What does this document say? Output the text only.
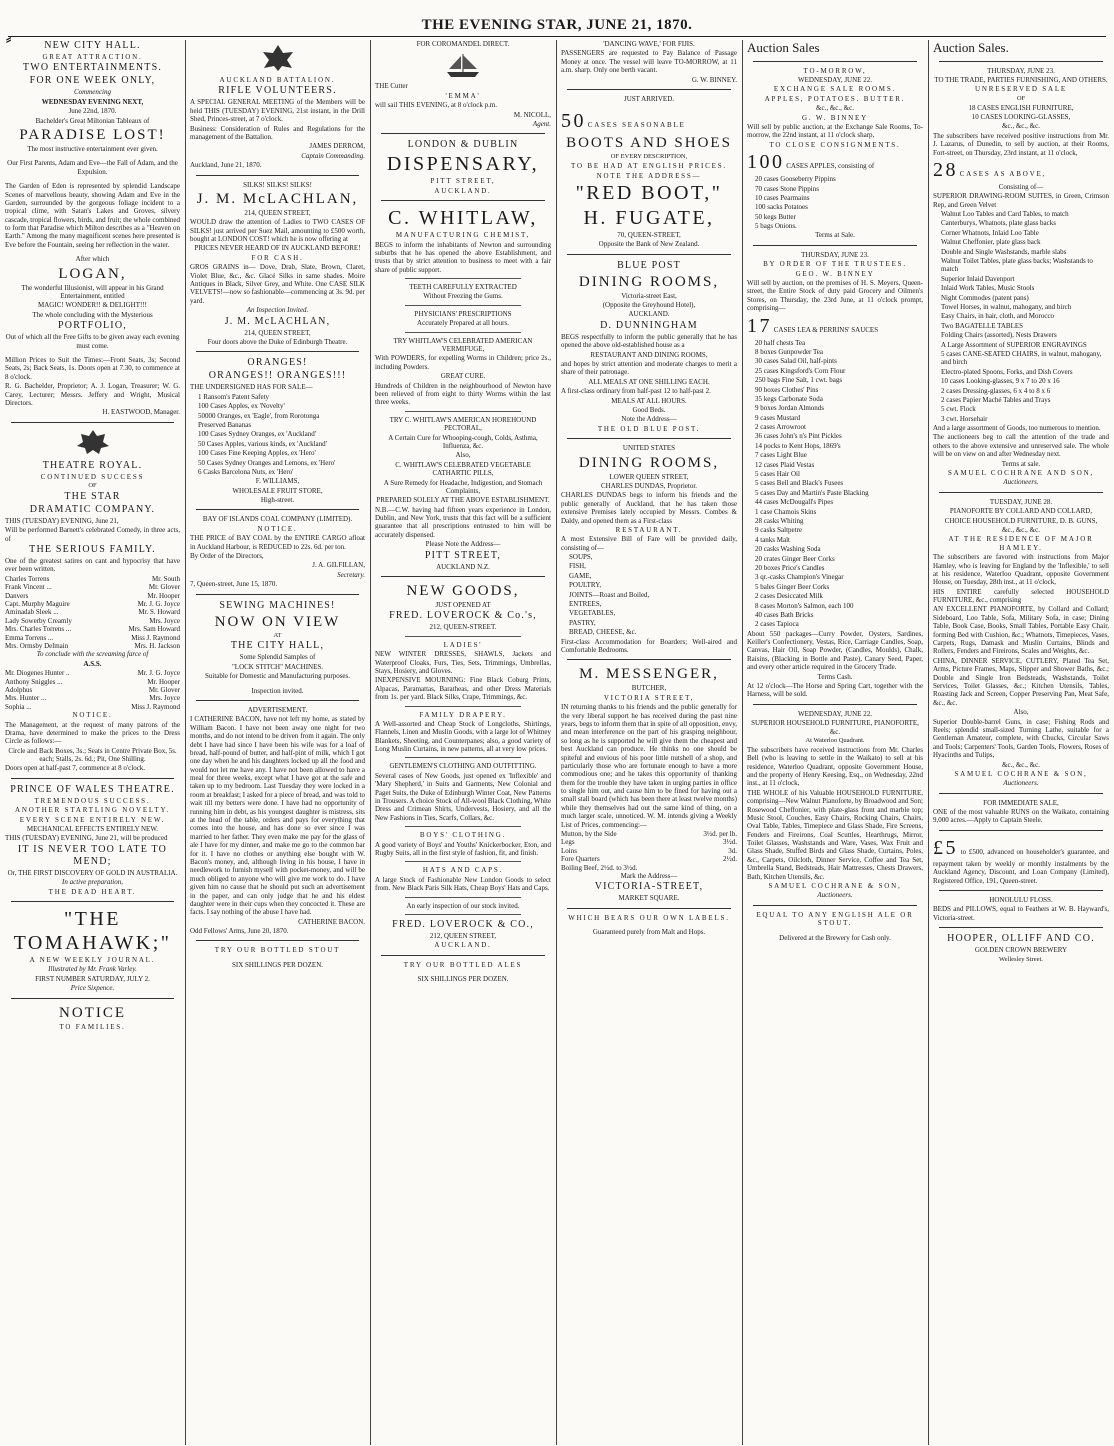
⸗
THE EVENING STAR, JUNE 21, 1870.

NEW CITY HALL.

GREAT ATTRACTION.

TWO ENTERTAINMENTS.

FOR ONE WEEK ONLY,

Commencing

WEDNESDAY EVENING NEXT,

June 22nd, 1870.

Bachelder's Great Miltonian Tableaux of

PARADISE LOST!

The most instructive entertainment ever given.

Our First Parents, Adam and Eve—the Fall of Adam, and the Expulsion.

The Garden of Eden is represented by splendid Landscape Scenes of marvellous beauty, showing Adam and Eve in the Garden, surrounded by the gorgeous foliage incident to a tropical clime, with Satan's Lakes and Groves, silvery cascade, tropical flowers, birds, and fruit; the whole combined to form that Paradise which Milton describes as a "Heaven on Earth." Among the many magnificent scenes here presented is Eve before the Fountain, seeing her reflection in the water.

After which

LOGAN,

The wonderful Illusionist, will appear in his Grand Entertainment, entitled

MAGIC! WONDER!! & DELIGHT!!!

The whole concluding with the Mysterious

PORTFOLIO,

Out of which all the Free Gifts to be given away each evening must come.

Million Prices to Suit the Times:—Front Seats, 3s; Second Seats, 2s; Back Seats, 1s. Doors open at 7.30, to commence at 8 o'clock.

R. G. Bachelder, Proprietor; A. J. Logan, Treasurer; W. G. Carey, Lecturer; Messrs. Jeffery and Wright, Musical Directors.

H. EASTWOOD, Manager.

THEATRE ROYAL.

CONTINUED SUCCESS

OF

THE STAR

DRAMATIC COMPANY.

THIS (TUESDAY) EVENING, June 21,

Will be performed Barnett's celebrated Comedy, in three acts, of

THE SERIOUS FAMILY.

One of the greatest satires on cant and hypocrisy that have ever been written.

Charles Torrens	Mr. South
Frank Vincent ...	Mr. Glover
Danvers	Mr. Hooper
Capt. Murphy Maguire	Mr. J. G. Joyce
Aminadab Sleek ...	Mr. S. Howard
Lady Sowerby Creamly	Mrs. Joyce
Mrs. Charles Torrens ...	Mrs. Sam Howard
Emma Torrens ...	Miss J. Raymond
Mrs. Ormsby Delmain	Mrs. H. Jackson

To conclude with the screaming farce of

A.S.S.

Mr. Diogenes Hunter ..	Mr. J. G. Joyce
Anthony Sniggles ...	Mr. Hooper
Adolphus	Mr. Glover
Mrs. Hunter ...	Mrs. Joyce
Sophia ...	Miss J. Raymond

NOTICE.

The Management, at the request of many patrons of the Drama, have determined to make the prices to the Dress Circle as follows:—

Circle and Back Boxes, 3s.; Seats in Centre Private Box, 5s. each; Stalls, 2s. 6d.; Pit, One Shilling.

Doors open at half-past 7, commence at 8 o'clock.

PRINCE OF WALES THEATRE.

TREMENDOUS SUCCESS.

ANOTHER STARTLING NOVELTY.

EVERY SCENE ENTIRELY NEW.

MECHANICAL EFFECTS ENTIRELY NEW.

THIS (TUESDAY) EVENING, June 21, will be produced

IT IS NEVER TOO LATE TO MEND;

Or, THE FIRST DISCOVERY OF GOLD IN AUSTRALIA.

In active preparation,

THE DEAD HEART.

"THE TOMAHAWK;"

A NEW WEEKLY JOURNAL.

Illustrated by Mr. Frank Varley.

FIRST NUMBER SATURDAY, JULY 2.

Price Sixpence.

NOTICE

TO FAMILIES.

AUCKLAND BATTALION.

RIFLE VOLUNTEERS.

A SPECIAL GENERAL MEETING of the Members will be held THIS (TUESDAY) EVENING, 21st instant, in the Drill Shed, Princes-street, at 7 o'clock.

Business: Consideration of Rules and Regulations for the management of the Battalion.

JAMES DERROM,

Captain Commanding.

Auckland, June 21, 1870.

SILKS! SILKS! SILKS!

J. M. McLACHLAN,

214, QUEEN STREET,

WOULD draw the attention of Ladies to TWO CASES OF SILKS! just arrived per Suez Mail, amounting to £500 worth, bought at LONDON COST! which he is now offering at

PRICES NEVER HEARD OF IN AUCKLAND BEFORE!

FOR CASH.

GROS GRAINS in— Dove, Drab, Slate, Brown, Claret, Violet Blue, &c., &c. Glacé Silks in same shades. Moire Antiques in Black, Silver Grey, and White. One CASE SILK VELVETS!—now so fashionable—commencing at 3s. 9d. per yard.

An Inspection Invited.

J. M. McLACHLAN,

214, QUEEN STREET,

Four doors above the Duke of Edinburgh Theatre.

ORANGES!

ORANGES!! ORANGES!!!

THE UNDERSIGNED HAS FOR SALE—

1 Ransom's Patent Safety

100 Cases Apples, ex 'Novelty'

50000 Oranges, ex 'Eagle', from Rorotonga

Preserved Bananas

100 Cases Sydney Oranges, ex 'Auckland'

50 Cases Apples, various kinds, ex 'Auckland'

100 Cases Fine Keeping Apples, ex 'Hero'

50 Cases Sydney Oranges and Lemons, ex 'Hero'

6 Casks Barcelona Nuts, ex 'Hero'

F. WILLIAMS,

WHOLESALE FRUIT STORE,

High-street.

BAY OF ISLANDS COAL COMPANY (LIMITED).

NOTICE.

THE PRICE of BAY COAL by the ENTIRE CARGO afloat in Auckland Harbour, is REDUCED to 22s. 6d. per ton.

By Order of the Directors,

J. A. GILFILLAN,

Secretary.

7, Queen-street, June 15, 1870.

SEWING MACHINES!

NOW ON VIEW

AT

THE CITY HALL,

Some Splendid Samples of

"LOCK STITCH" MACHINES.

Suitable for Domestic and Manufacturing purposes.

Inspection invited.

ADVERTISEMENT.

I CATHERINE BACON, have not left my home, as stated by William Bacon. I have not been away one night for two months, and do not intend to be driven from it again. The only debt I have had since I have been his wife was for a loaf of bread, half-pound of butter, and half-pint of milk, which I got one day when he and his daughters locked up all the food and would not let me have any. I have not been allowed to have a meal for three weeks, except what I have got at the safe and taken up to my bedroom. Last Tuesday they were locked in a room at breakfast; I asked for a piece of bread, and was told to wait till my betters were done. I have had no opportunity of running him in debt, as his youngest daughter is mistress, sits at the head of the table, orders and pays for everything that comes into the house, and has done so ever since I was married to her father. They even make me pay for the glass of ale I have for my dinner, and make me go to the common bar for it. I have no clothes or anything else bought with W. Bacon's money, and, although living in his house, I have in needlework to furnish myself with pocket-money, and will be much obliged to anyone who will give me work to do. I have given him no cause that he should put such an advertisement in the paper, and can only judge that he and his eldest daughter were in their cups when they concocted it. These are facts. I say nothing of the abuse I have had.

CATHERINE BACON.

Odd Fellows' Arms, June 20, 1870.

TRY OUR BOTTLED STOUT

SIX SHILLINGS PER DOZEN.

FOR COROMANDEL DIRECT.

THE Cutter

'EMMA'

will sail THIS EVENING, at 8 o'clock p.m.

M. NICOLL,

Agent.

LONDON & DUBLIN

DISPENSARY,

PITT STREET,

AUCKLAND.

C. WHITLAW,

MANUFACTURING CHEMIST,

BEGS to inform the inhabitants of Newton and surrounding suburbs that he has opened the above Establishment, and trusts that by strict attention to business to meet with a fair share of public support.

TEETH CAREFULLY EXTRACTED

Without Freezing the Gums.

PHYSICIANS' PRESCRIPTIONS

Accurately Prepared at all hours.

TRY WHITLAW'S CELEBRATED AMERICAN VERMIFUGE,

With POWDERS, for expelling Worms in Children; price 2s., including Powders.

GREAT CURE.

Hundreds of Children in the neighbourhood of Newton have been relieved of from eight to thirty Worms within the last three weeks.

TRY C. WHITLAW'S AMERICAN HOREHOUND PECTORAL,

A Certain Cure for Whooping-cough, Colds, Asthma, Influenza, &c.

Also,

C. WHITLAW'S CELEBRATED VEGETABLE CATHARTIC PILLS,

A Sure Remedy for Headache, Indigestion, and Stomach Complaints,

PREPARED SOLELY AT THE ABOVE ESTABLISHMENT.

N.B.—C.W. having had fifteen years experience in London, Dublin, and New York, trusts that this fact will be a sufficient guarantee that all prescriptions entrusted to him will be accurately dispensed.

Please Note the Address—

PITT STREET,

AUCKLAND N.Z.

NEW GOODS,

JUST OPENED AT

FRED. LOVEROCK & Co.'s,

212, QUEEN-STREET.

LADIES'

NEW WINTER DRESSES, SHAWLS, Jackets and Waterproof Cloaks, Furs, Ties, Sets, Trimmings, Umbrellas, Stays, Hosiery, and Gloves.

INEXPENSIVE MOURNING: Fine Black Coburg Prints, Alpacas, Paramattas, Baratheas, and other Dress Materials from 1s. per yard. Black Silks, Crape, Trimmings, &c.

FAMILY DRAPERY.

A Well-assorted and Cheap Stock of Longcloths, Shirtings, Flannels, Linen and Muslin Goods, with a large lot of Whitney Blankets, Sheeting, and Counterpanes; also, a good variety of Long Muslin Curtains, in new patterns, all at very low prices.

GENTLEMEN'S CLOTHING AND OUTFITTING.

Several cases of New Goods, just opened ex 'Inflexible' and 'Mary Shepherd,' in Suits and Garments, New Colonial and Paget Suits, the Duke of Edinburgh Winter Coat, New Patterns in Trousers. A choice Stock of All-wool Black Clothing, White Dress and Crimean Shirts, Undervests, Hosiery, and all the New Fashions in Ties, Scarfs, Collars, &c.

BOYS' CLOTHING.

A good variety of Boys' and Youths' Knickerbocker, Eton, and Rugby Suits, all in the first style of fashion, fit, and finish.

HATS AND CAPS.

A large Stock of Fashionable New London Goods to select from. New Black Paris Silk Hats, Cheap Boys' Hats and Caps.

An early inspection of our stock invited.

FRED. LOVEROCK & CO.,

212, QUEEN STREET,

AUCKLAND.

TRY OUR BOTTLED ALES

SIX SHILLINGS PER DOZEN.

'DANCING WAVE,' FOR FIJIS.

PASSENGERS are requested to Pay Balance of Passage Money at once. The vessel will leave TO-MORROW, at 11 a.m. sharp. Only one berth vacant.

G. W. BINNEY.

JUST ARRIVED.

50 CASES SEASONABLE

BOOTS AND SHOES

OF EVERY DESCRIPTION,

TO BE HAD AT ENGLISH PRICES.

NOTE THE ADDRESS—

"RED BOOT,"

H. FUGATE,

70, QUEEN-STREET,

Opposite the Bank of New Zealand.

BLUE POST

DINING ROOMS,

Victoria-street East,

(Opposite the Greyhound Hotel),

AUCKLAND.

D. DUNNINGHAM

BEGS respectfully to inform the public generally that he has opened the above old-established house as a

RESTAURANT AND DINING ROOMS,

and hopes by strict attention and moderate charges to merit a share of their patronage.

ALL MEALS AT ONE SHILLING EACH.

A first-class ordinary from half-past 12 to half-past 2.

MEALS AT ALL HOURS.

Good Beds.

Note the Address—

THE OLD BLUE POST.

UNITED STATES

DINING ROOMS,

LOWER QUEEN STREET,

CHARLES DUNDAS, Proprietor.

CHARLES DUNDAS begs to inform his friends and the public generally of Auckland, that he has taken those extensive Premises lately occupied by Messrs. Combes & Daldy, and opened them as a First-class

RESTAURANT.

A most Extensive Bill of Fare will be provided daily, consisting of—

SOUPS,

FISH,

GAME,

POULTRY,

JOINTS—Roast and Boiled,

ENTREES,

VEGETABLES,

PASTRY,

BREAD, CHEESE, &c.

First-class Accommodation for Boarders; Well-aired and Comfortable Bedrooms.

M. MESSENGER,

BUTCHER,

VICTORIA STREET,

IN returning thanks to his friends and the public generally for the very liberal support he has received during the past nine years, begs to inform them that in spite of all opposition, envy, and mean interference on the part of his grasping neighbour, so long as he is supported he will give them the cheapest and best Auckland can produce. He thinks no one should be spiteful and envious of his poor little nutshell of a shop, and particularly those who are fortunate enough to have a more commodious one; and he takes this opportunity of thanking them for the trouble they have taken in urging parties in office to single him out, and cause him to be fined for having out a small stall board (which has been there at least twelve months) while they themselves had out the same kind of thing, on a much larger scale, unnoticed. W. M. intends giving a Weekly List of Prices, commencing:—

Mutton, by the Side	3½d. per lb.
Legs	3½d.
Loins	3d.
Fore Quarters	2½d.
Boiling Beef, 2½d. to 3½d.

Mark the Address—

VICTORIA-STREET,

MARKET SQUARE.

WHICH BEARS OUR OWN LABELS.

Guaranteed purely from Malt and Hops.

Auction Sales

TO-MORROW,

WEDNESDAY, JUNE 22.

EXCHANGE SALE ROOMS.

APPLES, POTATOES. BUTTER.

&c., &c., &c.

G. W. BINNEY

Will sell by public auction, at the Exchange Sale Rooms, To-morrow, the 22nd instant, at 11 o'clock sharp,

TO CLOSE CONSIGNMENTS.

100 CASES APPLES, consisting of

20 cases Gooseberry Pippins

70 cases Stone Pippins

10 cases Pearmains

100 sacks Potatoes

50 kegs Butter

5 bags Onions.

Terms at Sale.

THURSDAY, JUNE 23.

BY ORDER OF THE TRUSTEES.

GEO. W. BINNEY

Will sell by auction, on the premises of H. S. Meyers, Queen-street, the Entire Stock of duty paid Grocery and Oilmen's Stores, on Thursday, the 23rd June, at 11 o'clock prompt, comprising—

17 CASES LEA & PERRINS' SAUCES

20 half chests Tea

8 boxes Gunpowder Tea

30 cases Salad Oil, half-pints

25 cases Kingsford's Corn Flour

250 bags Fine Salt, 1 cwt. bags

90 boxes Clothes' Pins

35 kegs Carbonate Soda

9 boxes Jordan Almonds

9 cases Mustard

2 cases Arrowroot

36 cases John's n's Pint Pickles

14 pocks to Kent Hops, 1869's

7 cases Light Blue

12 cases Plaid Vestas

5 cases Hair Oil

5 cases Bell and Black's Fusees

5 cases Day and Martin's Paste Blacking

44 cases McDougall's Pipes

1 case Chamois Skins

28 casks Whiting

9 casks Saltpetre

4 tanks Malt

20 casks Washing Soda

20 crates Ginger Beer Corks

20 boxes Price's Candles

3 qr.-casks Champion's Vinegar

5 bales Ginger Beer Corks

2 cases Desiccated Milk

8 cases Morton's Salmon, each 100

40 cases Bath Bricks

2 cases Tapioca

About 550 packages—Curry Powder, Oysters, Sardines, Keiller's Confectionery, Vestas, Rice, Carriage Candles, Soap, Canvas, Hair Oil, Soap Powder, (Candles, Moulds), Chalk, Raisins, (Blacking in Bottle and Paste), Canary Seed, Paper, and every other article required in the Grocery Trade.

Terms Cash.

At 12 o'clock—The Horse and Spring Cart, together with the Harness, will be sold.

WEDNESDAY, JUNE 22.

SUPERIOR HOUSEHOLD FURNITURE, PIANOFORTE, &c.

At Waterloo Quadrant.

The subscribers have received instructions from Mr. Charles Bell (who is leaving to settle in the Waikato) to sell at his residence, Waterloo Quadrant, opposite Government House, and the property of Henry Keesing, Esq., on Wednesday, 22nd inst., at 11 o'clock,

THE WHOLE of his Valuable HOUSEHOLD FURNITURE, comprising—New Walnut Pianoforte, by Broadwood and Son; Rosewood Cheffonier, with plate-glass front and marble top; Music Stool, Couches, Easy Chairs, Rocking Chairs, Chairs, Oval Table, Tables, Timepiece and Glass Shade, Fire Screens, Fenders and Fireirons, Coal Scuttles, Hearthrugs, Mirror, Toilet Glasses, Washstands and Ware, Vases, Wax Fruit and Glass Shade, Stuffed Birds and Glass Shade, Curtains, Poles, &c., Carpets, Oilcloth, Dinner Service, Coffee and Tea Set, Umbrella Stand, Bedsteads, Hair Mattresses, Chests Drawers, Bath, Kitchen Utensils, &c.

SAMUEL COCHRANE & SON,

Auctioneers.

EQUAL TO ANY ENGLISH ALE OR STOUT.

Delivered at the Brewery for Cash only.

Auction Sales.

THURSDAY, JUNE 23.

TO THE TRADE, PARTIES FURNISHING, AND OTHERS.

UNRESERVED SALE

OF

18 CASES ENGLISH FURNITURE,

10 CASES LOOKING-GLASSES,

&c., &c., &c.

The subscribers have received positive instructions from Mr. J. Lazarus, of Dunedin, to sell by auction, at their Rooms, Fort-street, on Thursday, 23rd instant, at 11 o'clock,

28 CASES AS ABOVE,

Consisting of—

SUPERIOR DRAWING-ROOM SUITES, in Green, Crimson Rep, and Green Velvet

Walnut Loo Tables and Card Tables, to match

Canterburys, Whatnots, plate glass backs

Corner Whatnots, Inlaid Loo Table

Walnut Cheffonier, plate glass back

Double and Single Washstands, marble slabs

Walnut Toilet Tables, plate glass backs; Washstands to match

Superior Inlaid Davenport

Inlaid Work Tables, Music Stools

Night Commodes (patent pans)

Towel Horses, in walnut, mahogany, and birch

Easy Chairs, in hair, cloth, and Morocco

Two BAGATELLE TABLES

Folding Chairs (assorted), Nests Drawers

A Large Assortment of SUPERIOR ENGRAVINGS

5 cases CANE-SEATED CHAIRS, in walnut, mahogany, and birch

Electro-plated Spoons, Forks, and Dish Covers

10 cases Looking-glasses, 9 x 7 to 20 x 16

2 cases Dressing-glasses, 6 x 4 to 8 x 6

2 cases Papier Maché Tables and Trays

5 cwt. Flock

3 cwt. Horsehair

And a large assortment of Goods, too numerous to mention.

The auctioneers beg to call the attention of the trade and others to the above extensive and unreserved sale. The whole will be on view on and after Wednesday next.

Terms at sale.

SAMUEL COCHRANE AND SON,

Auctioneers.

TUESDAY, JUNE 28.

PIANOFORTE BY COLLARD AND COLLARD,

CHOICE HOUSEHOLD FURNITURE, D. B. GUNS,

&c., &c., &c.

AT THE RESIDENCE OF MAJOR HAMLEY.

The subscribers are favored with instructions from Major Hamley, who is leaving for England by the 'Inflexible,' to sell at his residence, Waterloo Quadrant, opposite Government House, on Tuesday, 28th inst., at 11 o'clock,

HIS ENTIRE carefully selected HOUSEHOLD FURNITURE, &c., comprising

AN EXCELLENT PIANOFORTE, by Collard and Collard; Sideboard, Loo Table, Sofa, Military Sofa, in case; Dining Table, Book Case, Books, Small Tables, Portable Easy Chair, forming Bed with Cushion, &c.; Whatnots, Timepieces, Vases, Carpets, Rugs, Damask and Muslin Curtains, Blinds and Rollers, Fenders and Fireirons, Scales and Weights, &c.

CHINA, DINNER SERVICE, CUTLERY, Plated Tea Set, Arms, Picture Frames, Maps, Slipper and Shower Baths, &c.; Double and Single Iron Bedsteads, Washstands, Toilet Services, Toilet Glasses, &c.; Kitchen Utensils, Tables, Roasting Jack and Screen, Copper Preserving Pan, Meat Safe, &c., &c.

Also,

Superior Double-barrel Guns, in case; Fishing Rods and Reels; splendid small-sized Turning Lathe, suitable for a Gentleman Amateur, complete, with Chucks, Circular Saws and Tools; Carpenters' Tools, Garden Tools, Flowers, Roses of Hyacinths and Tulips,

&c., &c., &c.

SAMUEL COCHRANE & SON,

Auctioneers.

FOR IMMEDIATE SALE,

ONE of the most valuable RUNS on the Waikato, containing 9,000 acres.—Apply to Captain Steele.

£5 to £500, advanced on householder's guarantee, and repayment taken by weekly or monthly instalments by the Auckland Agency, Discount, and Loan Company (Limited), Registered Office, 191, Queen-street.

HONOLULU FLOSS.

BEDS and PILLOWS, equal to Feathers at W. B. Hayward's, Victoria-street.

HOOPER, OLLIFF AND CO.

GOLDEN CROWN BREWERY

Wellesley Street.
